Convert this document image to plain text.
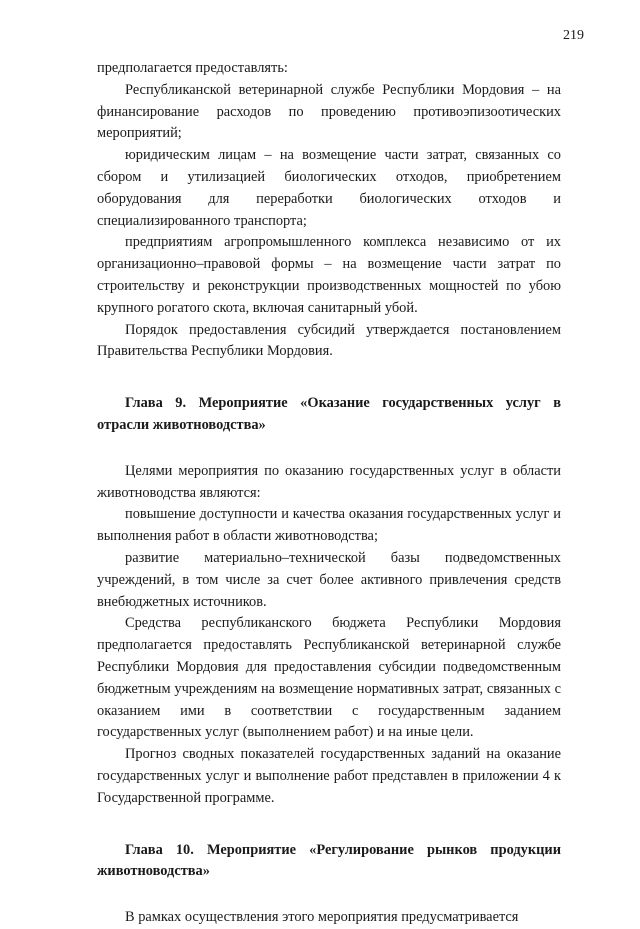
219

предполагается предоставлять:

Республиканской ветеринарной службе Республики Мордовия – на финансирование расходов по проведению противоэпизоотических мероприятий;

юридическим лицам – на возмещение части затрат, связанных со сбором и утилизацией биологических отходов, приобретением оборудования для переработки биологических отходов и специализированного транспорта;

предприятиям агропромышленного комплекса независимо от их организационно–правовой формы – на возмещение части затрат по строительству и реконструкции производственных мощностей по убою крупного рогатого скота, включая санитарный убой.

Порядок предоставления субсидий утверждается постановлением Правительства Республики Мордовия.

Глава 9. Мероприятие «Оказание государственных услуг в отрасли животноводства»

Целями мероприятия по оказанию государственных услуг в области животноводства являются:

повышение доступности и качества оказания государственных услуг и выполнения работ в области животноводства;

развитие материально–технической базы подведомственных учреждений, в том числе за счет более активного привлечения средств внебюджетных источников.

Средства республиканского бюджета Республики Мордовия предполагается предоставлять Республиканской ветеринарной службе Республики Мордовия для предоставления субсидии подведомственным бюджетным учреждениям на возмещение нормативных затрат, связанных с оказанием ими в соответствии с государственным заданием государственных услуг (выполнением работ) и на иные цели.

Прогноз сводных показателей государственных заданий на оказание государственных услуг и выполнение работ представлен в приложении 4 к Государственной программе.

Глава 10. Мероприятие «Регулирование рынков продукции животноводства»

В рамках осуществления этого мероприятия предусматривается
